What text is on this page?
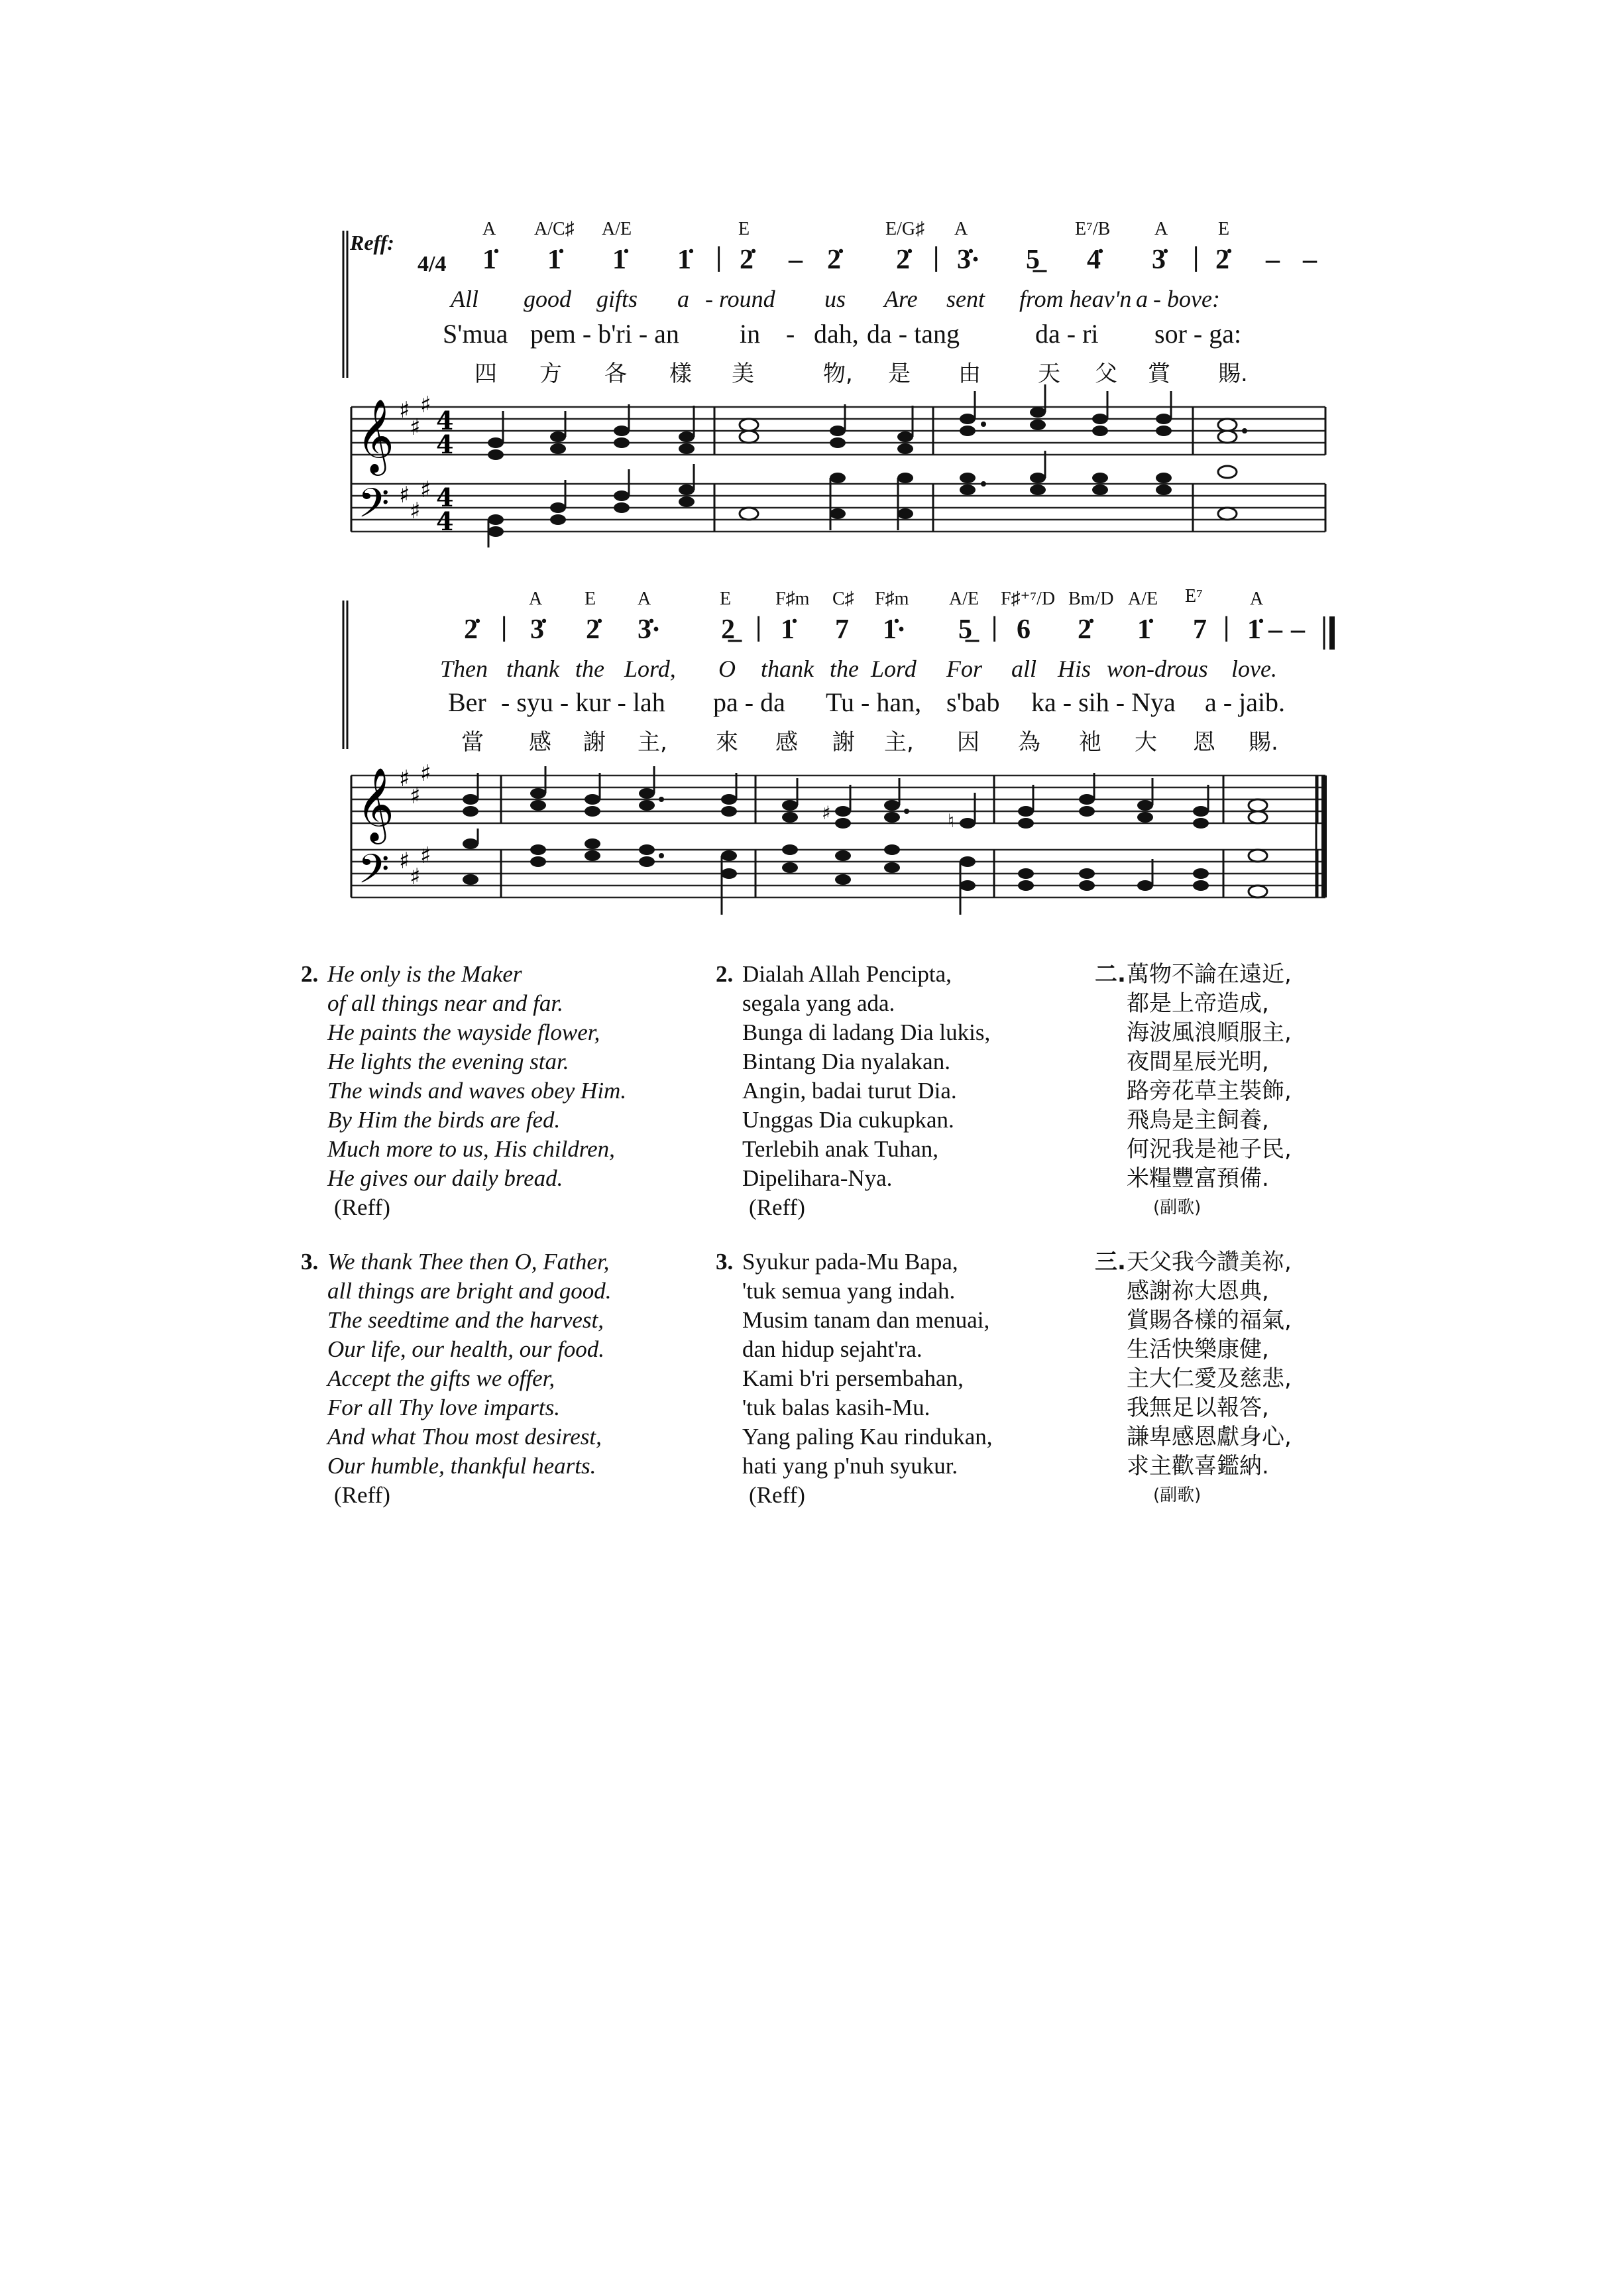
Reff:
4/4
A A/C♯ A/E	E	E/G♯ A	E⁷/B A	E
1̇ 1̇ 1̇ 1̇ | 2̇ – 2̇ 2̇ | 3̇· 5̲ 4̇ 3̇ | 2̇ – –
All good gifts a - round us Are sent from heav'n a - bove:
S'mua pem - b'ri - an in - dah, da - tang	da - ri sor - ga:
四 方 各 樣 美	物, 是 由	天 父 賞 賜.
A E A	E F♯m C♯ F♯m A/E F♯⁺⁷/D Bm/D A/E E⁷	A
2̇ | 3̇ 2̇ 3̇· 2̲ | 1̇ 7 1̇· 5̲ | 6 2̇ 1̇ 7 | 1̇ – –
Then thank the Lord, O thank the Lord For all His won-drous love.
Ber - syu - kur - lah pa - da Tu - han, s'bab ka - sih - Nya a - jaib.
當 感 謝 主, 來 感 謝 主, 因 為 祂 大 恩 賜.
𝄞
𝄢
♯
♯
♯
♯
♯
♯
4
4
4
4
𝄞
𝄢
♯
♯
♯
♯
♯
♯
♯	♮
2. He only is the Maker
of all things near and far.
He paints the wayside flower,
He lights the evening star.
The winds and waves obey Him.
By Him the birds are fed.
Much more to us, His children,
He gives our daily bread.
(Reff)
2. Dialah Allah Pencipta,
segala yang ada.
Bunga di ladang Dia lukis,
Bintang Dia nyalakan.
Angin, badai turut Dia.
Unggas Dia cukupkan.
Terlebih anak Tuhan,
Dipelihara-Nya.
(Reff)
二. 萬物不論在遠近,
都是上帝造成,
海波風浪順服主,
夜間星辰光明,
路旁花草主裝飾,
飛鳥是主飼養,
何況我是祂子民,
米糧豐富預備.
(副歌)
3. We thank Thee then O, Father,
all things are bright and good.
The seedtime and the harvest,
Our life, our health, our food.
Accept the gifts we offer,
For all Thy love imparts.
And what Thou most desirest,
Our humble, thankful hearts.
(Reff)
3. Syukur pada-Mu Bapa,
'tuk semua yang indah.
Musim tanam dan menuai,
dan hidup sejaht'ra.
Kami b'ri persembahan,
'tuk balas kasih-Mu.
Yang paling Kau rindukan,
hati yang p'nuh syukur.
(Reff)
三. 天父我今讚美祢,
感謝祢大恩典,
賞賜各樣的福氣,
生活快樂康健,
主大仁愛及慈悲,
我無足以報答,
謙卑感恩獻身心,
求主歡喜鑑納.
(副歌)
